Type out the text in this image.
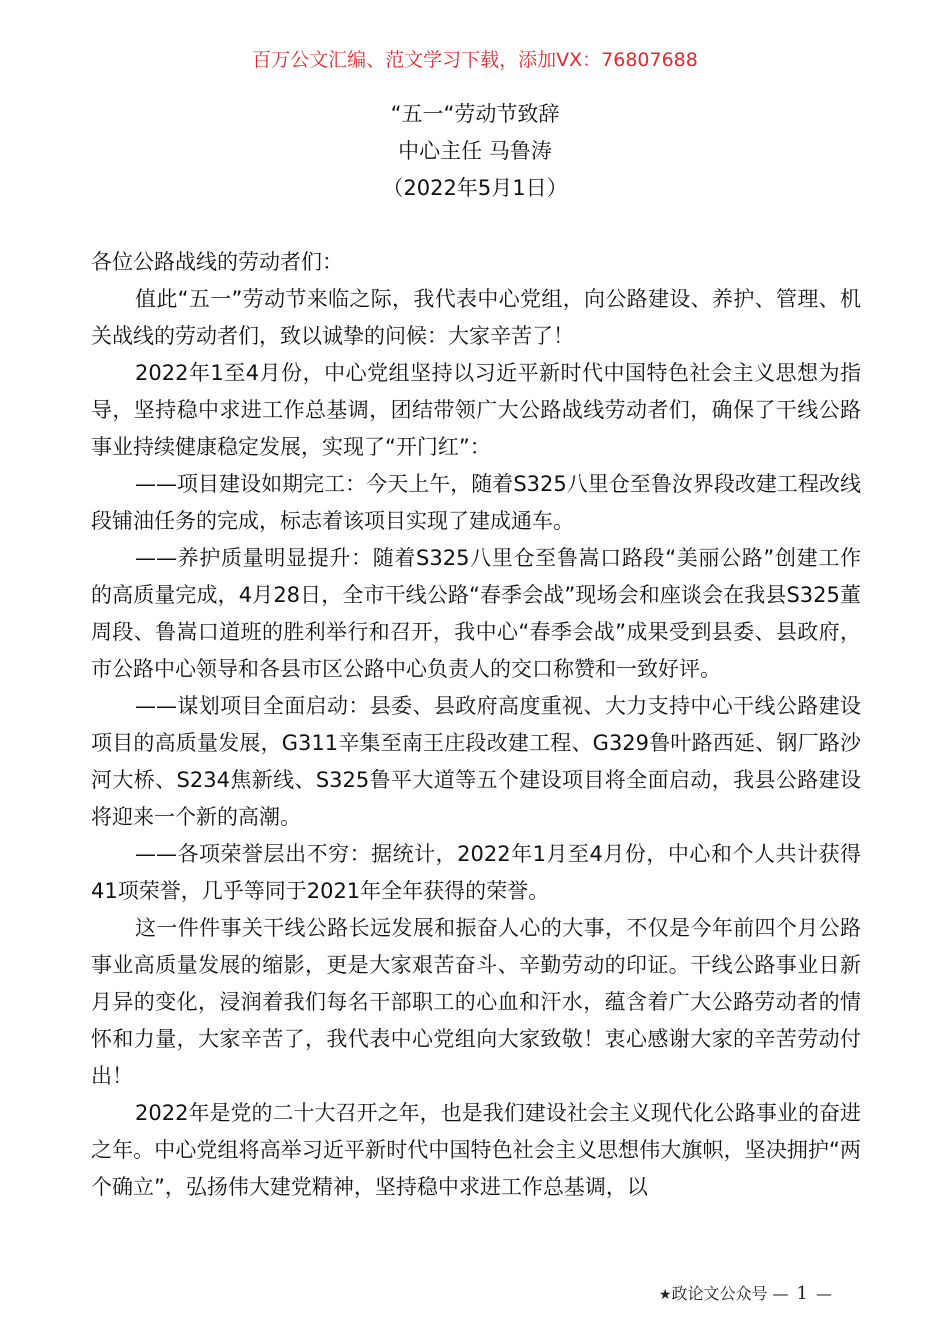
百万公文汇编、范文学习下载，添加VX：76807688
“五一“劳动节致辞
中心主任 马鲁涛
（2022年5月1日）

各位公路战线的劳动者们：

值此“五一”劳动节来临之际，我代表中心党组，向公路建设、养护、管理、机关战线的劳动者们，致以诚挚的问候：大家辛苦了！

2022年1至4月份，中心党组坚持以习近平新时代中国特色社会主义思想为指导，坚持稳中求进工作总基调，团结带领广大公路战线劳动者们，确保了干线公路事业持续健康稳定发展，实现了“开门红”：

——项目建设如期完工：今天上午，随着S325八里仓至鲁汝界段改建工程改线段铺油任务的完成，标志着该项目实现了建成通车。

——养护质量明显提升：随着S325八里仓至鲁嵩口路段“美丽公路”创建工作的高质量完成，4月28日，全市干线公路“春季会战”现场会和座谈会在我县S325董周段、鲁嵩口道班的胜利举行和召开，我中心“春季会战”成果受到县委、县政府，市公路中心领导和各县市区公路中心负责人的交口称赞和一致好评。

——谋划项目全面启动：县委、县政府高度重视、大力支持中心干线公路建设项目的高质量发展，G311辛集至南王庄段改建工程、G329鲁叶路西延、钢厂路沙河大桥、S234焦新线、S325鲁平大道等五个建设项目将全面启动，我县公路建设将迎来一个新的高潮。

——各项荣誉层出不穷：据统计，2022年1月至4月份，中心和个人共计获得41项荣誉，几乎等同于2021年全年获得的荣誉。

这一件件事关干线公路长远发展和振奋人心的大事，不仅是今年前四个月公路事业高质量发展的缩影，更是大家艰苦奋斗、辛勤劳动的印证。干线公路事业日新月异的变化，浸润着我们每名干部职工的心血和汗水，蕴含着广大公路劳动者的情怀和力量，大家辛苦了，我代表中心党组向大家致敬！衷心感谢大家的辛苦劳动付出！

2022年是党的二十大召开之年，也是我们建设社会主义现代化公路事业的奋进之年。中心党组将高举习近平新时代中国特色社会主义思想伟大旗帜，坚决拥护“两个确立”，弘扬伟大建党精神，坚持稳中求进工作总基调，以

★政论文公众号 — 1 —
